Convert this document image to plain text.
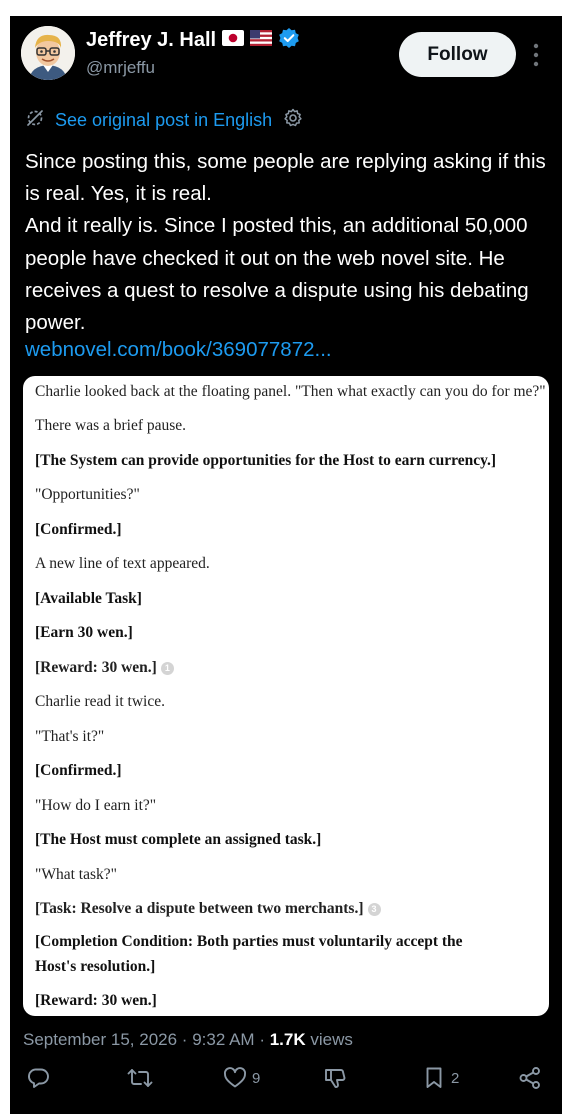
Jeffrey J. Hall
@mrjeffu
Follow
See original post in English
Since posting this, some people are replying asking if this is real. Yes, it is real.
And it really is. Since I posted this, an additional 50,000 people have checked it out on the web novel site. He receives a quest to resolve a dispute using his debating power.
webnovel.com/book/369077872...
Charlie looked back at the floating panel. "Then what exactly can you do for me?"
There was a brief pause.
[The System can provide opportunities for the Host to earn currency.]
"Opportunities?"
[Confirmed.]
A new line of text appeared.
[Available Task]
[Earn 30 wen.]
[Reward: 30 wen.] 1
Charlie read it twice.
"That's it?"
[Confirmed.]
"How do I earn it?"
[The Host must complete an assigned task.]
"What task?"
[Task: Resolve a dispute between two merchants.] 3
[Completion Condition: Both parties must voluntarily accept the Host's resolution.]
[Reward: 30 wen.]
September 15, 2026 · 9:32 AM · 1.7K views
9	2
